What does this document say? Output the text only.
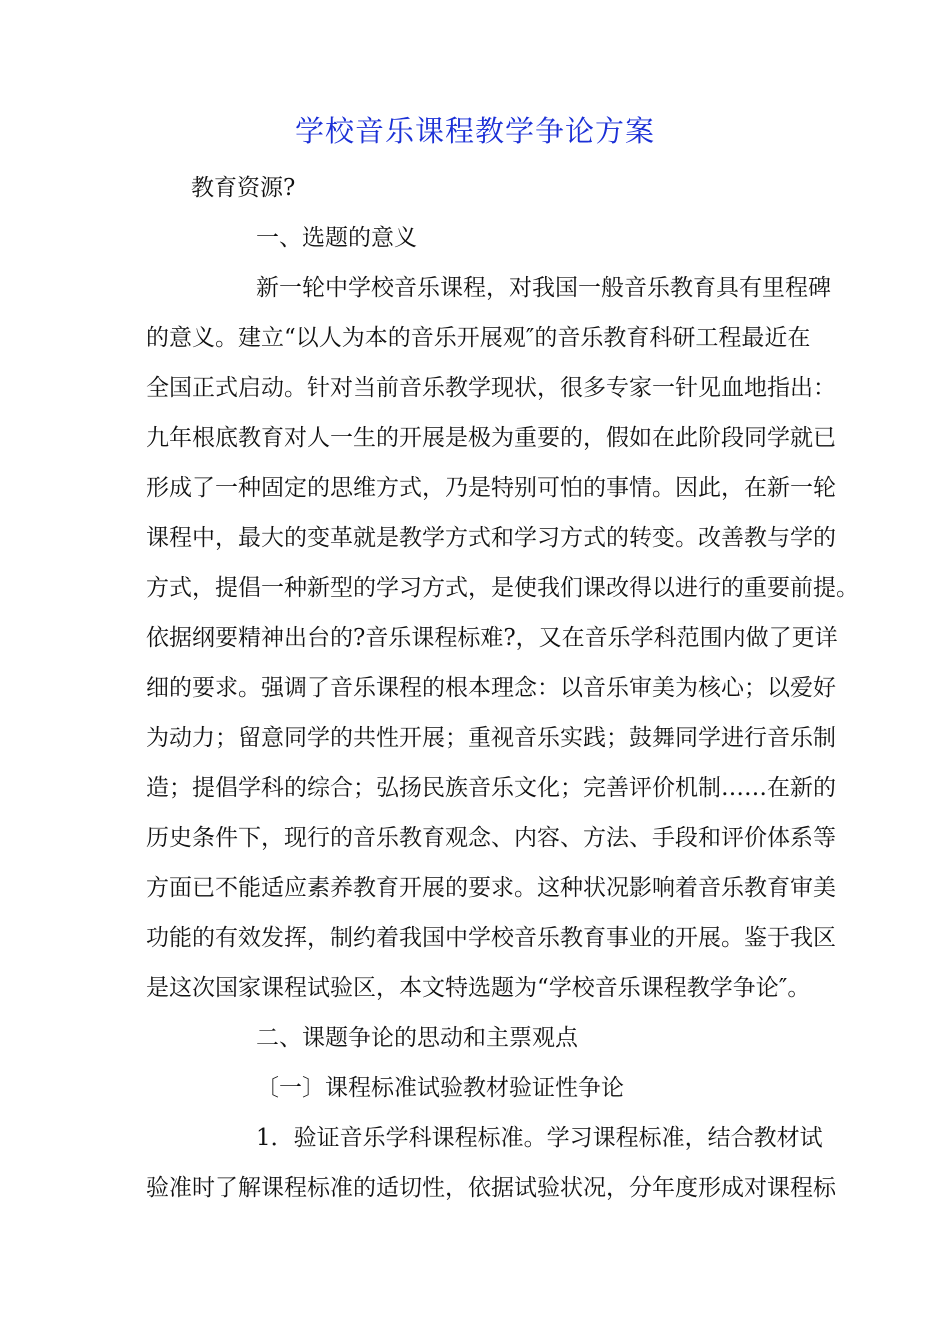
学校音乐课程教学争论方案
教育资源?
一、选题的意义
新一轮中学校音乐课程，对我国一般音乐教育具有里程碑
的意义。建立“以人为本的音乐开展观″的音乐教育科研工程最近在
全国正式启动。针对当前音乐教学现状，很多专家一针见血地指出：
九年根底教育对人一生的开展是极为重要的，假如在此阶段同学就已
形成了一种固定的思维方式，乃是特别可怕的事情。因此，在新一轮
课程中，最大的变革就是教学方式和学习方式的转变。改善教与学的
方式，提倡一种新型的学习方式，是使我们课改得以进行的重要前提。
依据纲要精神出台的?音乐课程标难?，又在音乐学科范围内做了更详
细的要求。强调了音乐课程的根本理念：以音乐审美为核心；以爱好
为动力；留意同学的共性开展；重视音乐实践；鼓舞同学进行音乐制
造；提倡学科的综合；弘扬民族音乐文化；完善评价机制……在新的
历史条件下，现行的音乐教育观念、内容、方法、手段和评价体系等
方面已不能适应素养教育开展的要求。这种状况影响着音乐教育审美
功能的有效发挥，制约着我国中学校音乐教育事业的开展。鉴于我区
是这次国家课程试验区，本文特选题为“学校音乐课程教学争论″。
二、课题争论的思动和主票观点
〔一〕课程标准试验教材验证性争论
1．验证音乐学科课程标准。学习课程标准，结合教材试
验准时了解课程标准的适切性，依据试验状况，分年度形成对课程标
